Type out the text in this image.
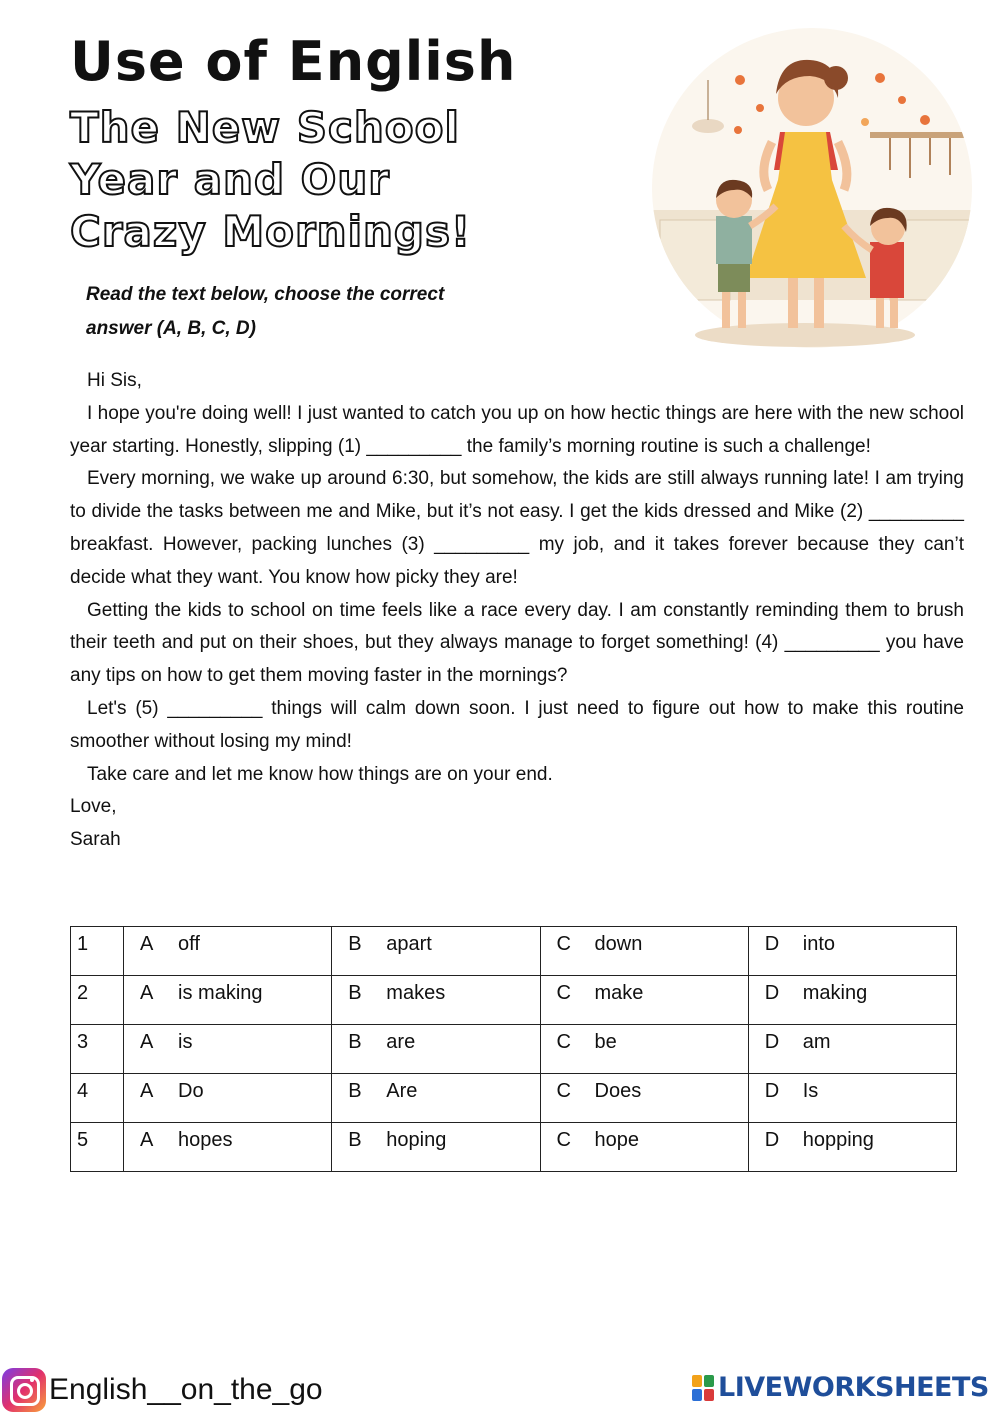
Use of English
The New School
Year and Our
Crazy Mornings!
Read the text below, choose the correct
answer (A, B, C, D)

Hi Sis,

I hope you're doing well! I just wanted to catch you up on how hectic things are here with the new school year starting. Honestly, slipping (1) _________ the family’s morning routine is such a challenge!

Every morning, we wake up around 6:30, but somehow, the kids are still always running late! I am trying to divide the tasks between me and Mike, but it’s not easy. I get the kids dressed and Mike (2) _________ breakfast. However, packing lunches (3) _________ my job, and it takes forever because they can’t decide what they want. You know how picky they are!

Getting the kids to school on time feels like a race every day. I am constantly reminding them to brush their teeth and put on their shoes, but they always manage to forget something! (4) _________ you have any tips on how to get them moving faster in the mornings?

Let's (5) _________ things will calm down soon. I just need to figure out how to make this routine smoother without losing my mind!

Take care and let me know how things are on your end.

Love,

Sarah

1	A off	B apart	C down	D into
2	A is making	B makes	C make	D making
3	A is	B are	C be	D am
4	A Do	B Are	C Does	D Is
5	A hopes	B hoping	C hope	D hopping
English__on_the_go	LIVEWORKSHEETS
